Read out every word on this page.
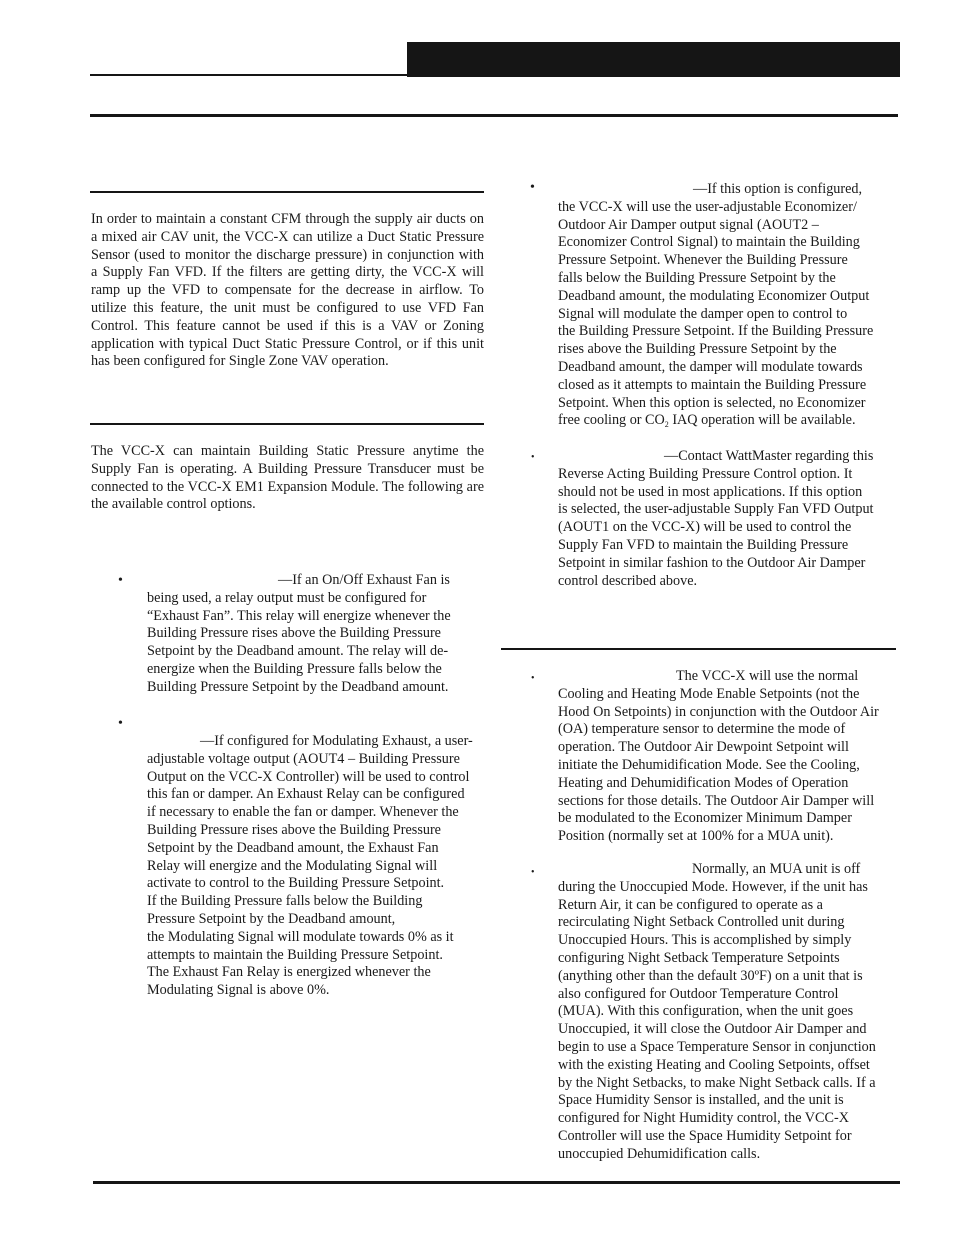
In order to maintain a constant CFM through the supply air ducts on a mixed air CAV unit, the VCC-X can utilize a Duct Static Pressure Sensor (used to monitor the discharge pressure) in conjunction with a Supply Fan VFD. If the filters are getting dirty, the VCC-X will ramp up the VFD to compensate for the decrease in airflow. To utilize this feature, the unit must be configured to use VFD Fan Control. This feature cannot be used if this is a VAV or Zoning application with typical Duct Static Pressure Control, or if this unit has been configured for Single Zone VAV operation.

The VCC-X can maintain Building Static Pressure anytime the Supply Fan is operating. A Building Pressure Transducer must be connected to the VCC-X EM1 Expansion Module. The following are the available control options.

•	—If an On/Off Exhaust Fan is
being used, a relay output must be configured for
“Exhaust Fan”. This relay will energize whenever the
Building Pressure rises above the Building Pressure
Setpoint by the Deadband amount. The relay will de-
energize when the Building Pressure falls below the
Building Pressure Setpoint by the Deadband amount.
•
—If configured for Modulating Exhaust, a user-
adjustable voltage output (AOUT4 – Building Pressure
Output on the VCC-X Controller) will be used to control
this fan or damper. An Exhaust Relay can be configured
if necessary to enable the fan or damper. Whenever the
Building Pressure rises above the Building Pressure
Setpoint by the Deadband amount, the Exhaust Fan
Relay will energize and the Modulating Signal will
activate to control to the Building Pressure Setpoint.
If the Building Pressure falls below the Building
Pressure Setpoint by the Deadband amount,
the Modulating Signal will modulate towards 0% as it
attempts to maintain the Building Pressure Setpoint.
The Exhaust Fan Relay is energized whenever the
Modulating Signal is above 0%.
•	—If this option is configured,
the VCC-X will use the user-adjustable Economizer/
Outdoor Air Damper output signal (AOUT2 –
Economizer Control Signal) to maintain the Building
Pressure Setpoint. Whenever the Building Pressure
falls below the Building Pressure Setpoint by the
Deadband amount, the modulating Economizer Output
Signal will modulate the damper open to control to
the Building Pressure Setpoint. If the Building Pressure
rises above the Building Pressure Setpoint by the
Deadband amount, the damper will modulate towards
closed as it attempts to maintain the Building Pressure
Setpoint. When this option is selected, no Economizer
free cooling or $CO_2$ IAQ operation will be available.
•	—Contact WattMaster regarding this
Reverse Acting Building Pressure Control option. It
should not be used in most applications. If this option
is selected, the user-adjustable Supply Fan VFD Output
(AOUT1 on the VCC-X) will be used to control the
Supply Fan VFD to maintain the Building Pressure
Setpoint in similar fashion to the Outdoor Air Damper
control described above.
•	The VCC-X will use the normal
Cooling and Heating Mode Enable Setpoints (not the
Hood On Setpoints) in conjunction with the Outdoor Air
(OA) temperature sensor to determine the mode of
operation. The Outdoor Air Dewpoint Setpoint will
initiate the Dehumidification Mode. See the Cooling,
Heating and Dehumidification Modes of Operation
sections for those details. The Outdoor Air Damper will
be modulated to the Economizer Minimum Damper
Position (normally set at 100% for a MUA unit).
•	Normally, an MUA unit is off
during the Unoccupied Mode. However, if the unit has
Return Air, it can be configured to operate as a
recirculating Night Setback Controlled unit during
Unoccupied Hours. This is accomplished by simply
configuring Night Setback Temperature Setpoints
(anything other than the default 30ºF) on a unit that is
also configured for Outdoor Temperature Control
(MUA). With this configuration, when the unit goes
Unoccupied, it will close the Outdoor Air Damper and
begin to use a Space Temperature Sensor in conjunction
with the existing Heating and Cooling Setpoints, offset
by the Night Setbacks, to make Night Setback calls. If a
Space Humidity Sensor is installed, and the unit is
configured for Night Humidity control, the VCC-X
Controller will use the Space Humidity Setpoint for
unoccupied Dehumidification calls.
